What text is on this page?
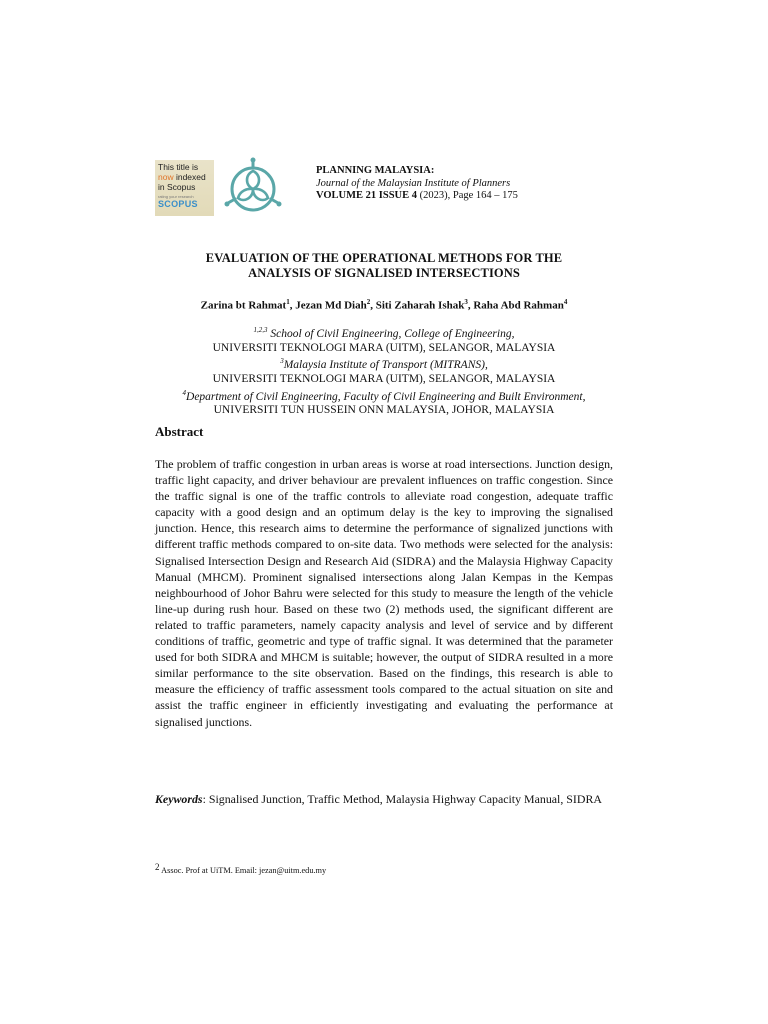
This title is
now indexed
in Scopus
rating your research
SCOPUS
PLANNING MALAYSIA:
Journal of the Malaysian Institute of Planners
VOLUME 21 ISSUE 4 (2023), Page 164 – 175
EVALUATION OF THE OPERATIONAL METHODS FOR THE
ANALYSIS OF SIGNALISED INTERSECTIONS
Zarina bt Rahmat$^1$, Jezan Md Diah$^2$, Siti Zaharah Ishak$^3$, Raha Abd Rahman$^4$
$^{1,2,3}$ School of Civil Engineering, College of Engineering,
UNIVERSITI TEKNOLOGI MARA (UITM), SELANGOR, MALAYSIA
$^3$Malaysia Institute of Transport (MITRANS),
UNIVERSITI TEKNOLOGI MARA (UITM), SELANGOR, MALAYSIA
$^4$Department of Civil Engineering, Faculty of Civil Engineering and Built Environment,
UNIVERSITI TUN HUSSEIN ONN MALAYSIA, JOHOR, MALAYSIA
Abstract
The problem of traffic congestion in urban areas is worse at road intersections. Junction design, traffic light capacity, and driver behaviour are prevalent influences on traffic congestion. Since the traffic signal is one of the traffic controls to alleviate road congestion, adequate traffic capacity with a good design and an optimum delay is the key to improving the signalised junction. Hence, this research aims to determine the performance of signalized junctions with different traffic methods compared to on-site data. Two methods were selected for the analysis: Signalised Intersection Design and Research Aid (SIDRA) and the Malaysia Highway Capacity Manual (MHCM). Prominent signalised intersections along Jalan Kempas in the Kempas neighbourhood of Johor Bahru were selected for this study to measure the length of the vehicle line-up during rush hour. Based on these two (2) methods used, the significant different are related to traffic parameters, namely capacity analysis and level of service and by different conditions of traffic, geometric and type of traffic signal. It was determined that the parameter used for both SIDRA and MHCM is suitable; however, the output of SIDRA resulted in a more similar performance to the site observation. Based on the findings, this research is able to measure the efficiency of traffic assessment tools compared to the actual situation on site and assist the traffic engineer in efficiently investigating and evaluating the performance at signalised junctions.
Keywords: Signalised Junction, Traffic Method, Malaysia Highway Capacity Manual, SIDRA
2 Assoc. Prof at UiTM. Email: jezan@uitm.edu.my
